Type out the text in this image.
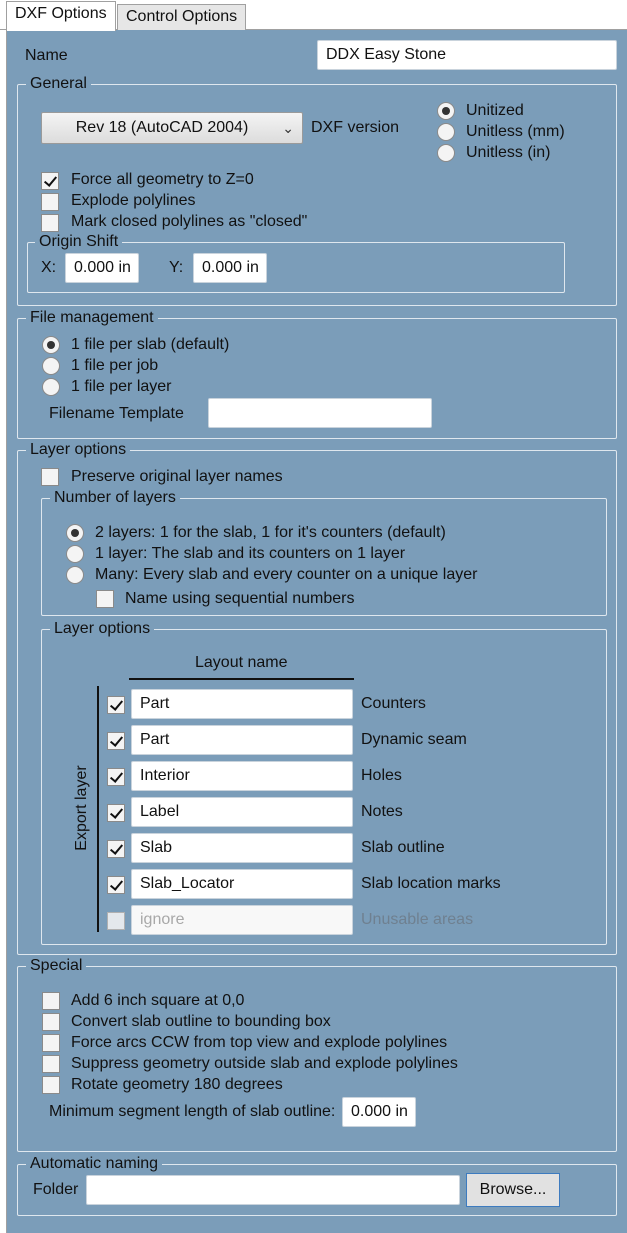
DXF Options	Control Options
Name	DDX Easy Stone
General
Rev 18 (AutoCAD 2004) ⌄ DXF version
Unitized
Unitless (mm)
Unitless (in)
Force all geometry to Z=0
Explode polylines
Mark closed polylines as "closed"
Origin Shift
X:	0.000 in	Y:	0.000 in
File management
1 file per slab (default)
1 file per job
1 file per layer
Filename Template
Layer options
Preserve original layer names
Number of layers
2 layers: 1 for the slab, 1 for it's counters (default)
1 layer: The slab and its counters on 1 layer
Many: Every slab and every counter on a unique layer
Name using sequential numbers
Layer options
Layout name
Export layer
Part	Counters
Part	Dynamic seam
Interior	Holes
Label	Notes
Slab	Slab outline
Slab_Locator	Slab location marks
ignore	Unusable areas
Special
Add 6 inch square at 0,0
Convert slab outline to bounding box
Force arcs CCW from top view and explode polylines
Suppress geometry outside slab and explode polylines
Rotate geometry 180 degrees
Minimum segment length of slab outline: 0.000 in
Automatic naming
Folder	Browse...
